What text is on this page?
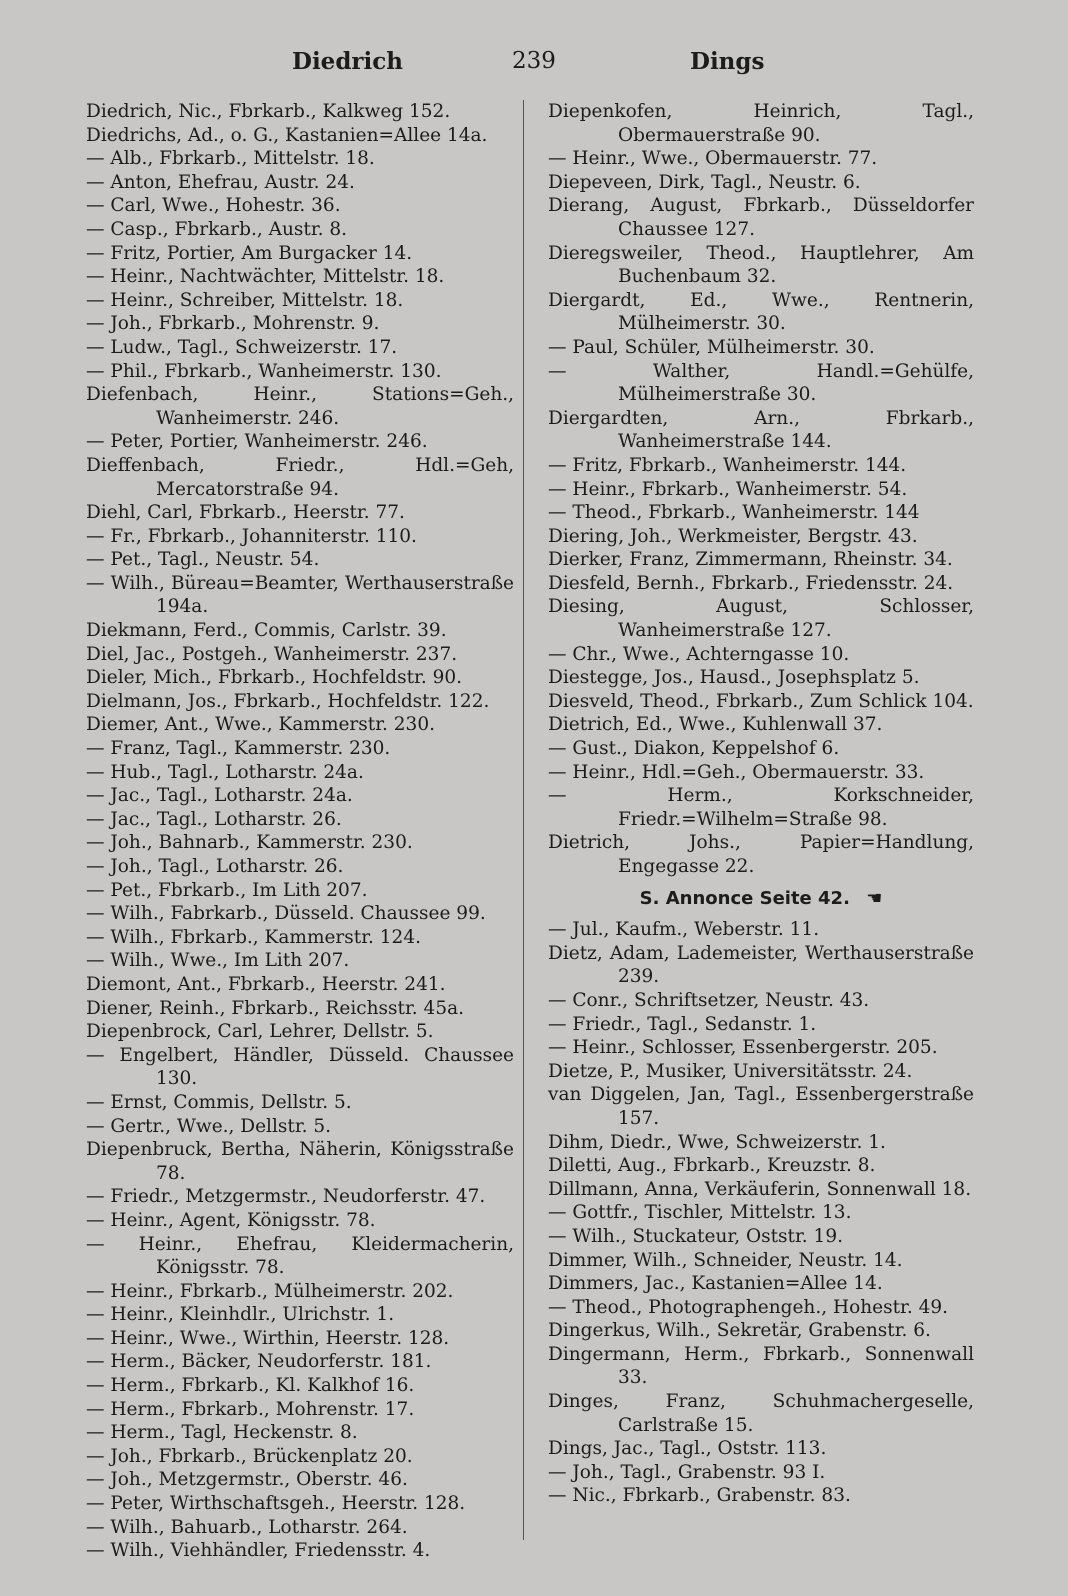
Diedrich	239	Dings
Diedrich, Nic., Fbrkarb., Kalkweg 152.
Diedrichs, Ad., o. G., Kastanien=Allee 14a.
— Alb., Fbrkarb., Mittelstr. 18.
— Anton, Ehefrau, Austr. 24.
— Carl, Wwe., Hohestr. 36.
— Casp., Fbrkarb., Austr. 8.
— Fritz, Portier, Am Burgacker 14.
— Heinr., Nachtwächter, Mittelstr. 18.
— Heinr., Schreiber, Mittelstr. 18.
— Joh., Fbrkarb., Mohrenstr. 9.
— Ludw., Tagl., Schweizerstr. 17.
— Phil., Fbrkarb., Wanheimerstr. 130.
Diefenbach, Heinr., Stations=Geh., Wanheimerstr. 246.
— Peter, Portier, Wanheimerstr. 246.
Dieffenbach, Friedr., Hdl.=Geh, Mercatorstraße 94.
Diehl, Carl, Fbrkarb., Heerstr. 77.
— Fr., Fbrkarb., Johanniterstr. 110.
— Pet., Tagl., Neustr. 54.
— Wilh., Büreau=Beamter, Werthauserstraße 194a.
Diekmann, Ferd., Commis, Carlstr. 39.
Diel, Jac., Postgeh., Wanheimerstr. 237.
Dieler, Mich., Fbrkarb., Hochfeldstr. 90.
Dielmann, Jos., Fbrkarb., Hochfeldstr. 122.
Diemer, Ant., Wwe., Kammerstr. 230.
— Franz, Tagl., Kammerstr. 230.
— Hub., Tagl., Lotharstr. 24a.
— Jac., Tagl., Lotharstr. 24a.
— Jac., Tagl., Lotharstr. 26.
— Joh., Bahnarb., Kammerstr. 230.
— Joh., Tagl., Lotharstr. 26.
— Pet., Fbrkarb., Im Lith 207.
— Wilh., Fabrkarb., Düsseld. Chaussee 99.
— Wilh., Fbrkarb., Kammerstr. 124.
— Wilh., Wwe., Im Lith 207.
Diemont, Ant., Fbrkarb., Heerstr. 241.
Diener, Reinh., Fbrkarb., Reichsstr. 45a.
Diepenbrock, Carl, Lehrer, Dellstr. 5.
— Engelbert, Händler, Düsseld. Chaussee 130.
— Ernst, Commis, Dellstr. 5.
— Gertr., Wwe., Dellstr. 5.
Diepenbruck, Bertha, Näherin, Königsstraße 78.
— Friedr., Metzgermstr., Neudorferstr. 47.
— Heinr., Agent, Königsstr. 78.
— Heinr., Ehefrau, Kleidermacherin, Königsstr. 78.
— Heinr., Fbrkarb., Mülheimerstr. 202.
— Heinr., Kleinhdlr., Ulrichstr. 1.
— Heinr., Wwe., Wirthin, Heerstr. 128.
— Herm., Bäcker, Neudorferstr. 181.
— Herm., Fbrkarb., Kl. Kalkhof 16.
— Herm., Fbrkarb., Mohrenstr. 17.
— Herm., Tagl, Heckenstr. 8.
— Joh., Fbrkarb., Brückenplatz 20.
— Joh., Metzgermstr., Oberstr. 46.
— Peter, Wirthschaftsgeh., Heerstr. 128.
— Wilh., Bahuarb., Lotharstr. 264.
— Wilh., Viehhändler, Friedensstr. 4.
Diepenkofen, Heinrich, Tagl., Obermauerstraße 90.
— Heinr., Wwe., Obermauerstr. 77.
Diepeveen, Dirk, Tagl., Neustr. 6.
Dierang, August, Fbrkarb., Düsseldorfer Chaussee 127.
Dieregsweiler, Theod., Hauptlehrer, Am Buchenbaum 32.
Diergardt, Ed., Wwe., Rentnerin, Mülheimerstr. 30.
— Paul, Schüler, Mülheimerstr. 30.
— Walther, Handl.=Gehülfe, Mülheimerstraße 30.
Diergardten, Arn., Fbrkarb., Wanheimerstraße 144.
— Fritz, Fbrkarb., Wanheimerstr. 144.
— Heinr., Fbrkarb., Wanheimerstr. 54.
— Theod., Fbrkarb., Wanheimerstr. 144
Diering, Joh., Werkmeister, Bergstr. 43.
Dierker, Franz, Zimmermann, Rheinstr. 34.
Diesfeld, Bernh., Fbrkarb., Friedensstr. 24.
Diesing, August, Schlosser, Wanheimerstraße 127.
— Chr., Wwe., Achterngasse 10.
Diestegge, Jos., Hausd., Josephsplatz 5.
Diesveld, Theod., Fbrkarb., Zum Schlick 104.
Dietrich, Ed., Wwe., Kuhlenwall 37.
— Gust., Diakon, Keppelshof 6.
— Heinr., Hdl.=Geh., Obermauerstr. 33.
— Herm., Korkschneider, Friedr.=Wilhelm=Straße 98.
Dietrich, Johs., Papier=Handlung, Engegasse 22.
S. Annonce Seite 42. ☚
— Jul., Kaufm., Weberstr. 11.
Dietz, Adam, Lademeister, Werthauserstraße 239.
— Conr., Schriftsetzer, Neustr. 43.
— Friedr., Tagl., Sedanstr. 1.
— Heinr., Schlosser, Essenbergerstr. 205.
Dietze, P., Musiker, Universitätsstr. 24.
van Diggelen, Jan, Tagl., Essenbergerstraße 157.
Dihm, Diedr., Wwe, Schweizerstr. 1.
Diletti, Aug., Fbrkarb., Kreuzstr. 8.
Dillmann, Anna, Verkäuferin, Sonnenwall 18.
— Gottfr., Tischler, Mittelstr. 13.
— Wilh., Stuckateur, Oststr. 19.
Dimmer, Wilh., Schneider, Neustr. 14.
Dimmers, Jac., Kastanien=Allee 14.
— Theod., Photographengeh., Hohestr. 49.
Dingerkus, Wilh., Sekretär, Grabenstr. 6.
Dingermann, Herm., Fbrkarb., Sonnenwall 33.
Dinges, Franz, Schuhmachergeselle, Carlstraße 15.
Dings, Jac., Tagl., Oststr. 113.
— Joh., Tagl., Grabenstr. 93 I.
— Nic., Fbrkarb., Grabenstr. 83.
